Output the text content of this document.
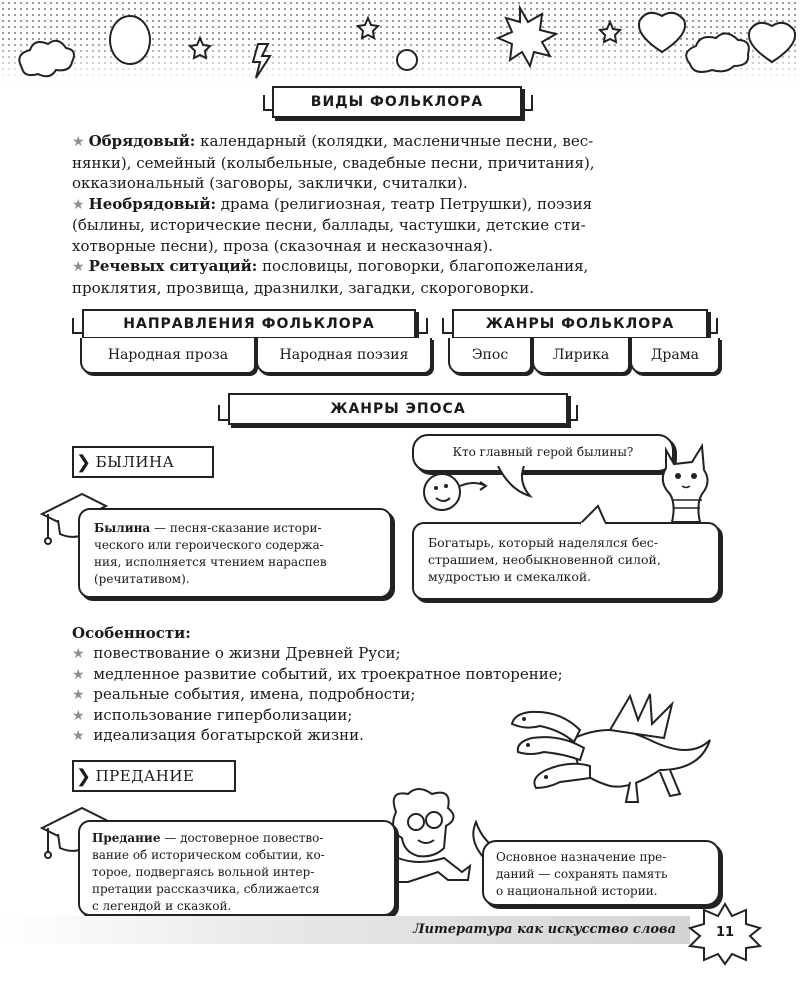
ВИДЫ ФОЛЬКЛОРА
★ Обрядовый: календарный (колядки, масленичные песни, вес-
нянки), семейный (колыбельные, свадебные песни, причитания),
окказиональный (заговоры, заклички, считалки).
★ Необрядовый: драма (религиозная, театр Петрушки), поэзия
(былины, исторические песни, баллады, частушки, детские сти-
хотворные песни), проза (сказочная и несказочная).
★ Речевых ситуаций: пословицы, поговорки, благопожелания,
проклятия, прозвища, дразнилки, загадки, скороговорки.
НАПРАВЛЕНИЯ ФОЛЬКЛОРА
Народная проза	Народная поэзия
ЖАНРЫ ФОЛЬКЛОРА
Эпос	Лирика	Драма
ЖАНРЫ ЭПОСА
❯ БЫЛИНА
Былина — песня-сказание истори-
ческого или героического содержа-
ния, исполняется чтением нараспев
(речитативом).
Кто главный герой былины?
Богатырь, который наделялся бес-
страшием, необыкновенной силой,
мудростью и смекалкой.
Особенности:
★ повествование о жизни Древней Руси;
★ медленное развитие событий, их троекратное повторение;
★ реальные события, имена, подробности;
★ использование гиперболизации;
★ идеализация богатырской жизни.
❯ ПРЕДАНИЕ
Предание — достоверное повество-
вание об историческом событии, ко-
торое, подвергаясь вольной интер-
претации рассказчика, сближается
с легендой и сказкой.
Основное назначение пре-
даний — сохранять память
о национальной истории.
Литература как искусство слова	11
